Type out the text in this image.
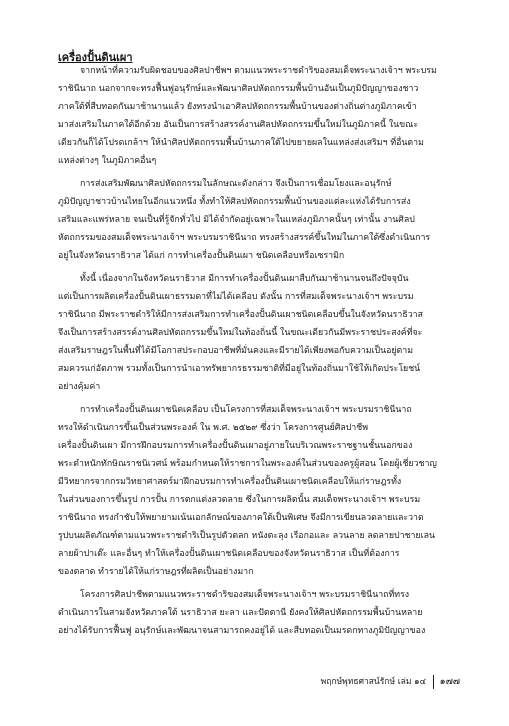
เครื่องปั้นดินเผา

จากหน้าที่ความรับผิดชอบของศิลปาชีพฯ ตามแนวพระราชดำริของสมเด็จพระนางเจ้าฯ พระบรม
ราชินีนาถ นอกจากจะทรงฟื้นฟูอนุรักษ์และพัฒนาศิลปหัตถกรรมพื้นบ้านอันเป็นภูมิปัญญาของชาว
ภาคใต้ที่สืบทอดกันมาช้านานแล้ว ยังทรงนำเอาศิลปหัตถกรรมพื้นบ้านของต่างถิ่นต่างภูมิภาคเข้า
มาส่งเสริมในภาคใต้อีกด้วย อันเป็นการสร้างสรรค์งานศิลปหัตถกรรมขึ้นใหม่ในภูมิภาคนี้ ในขณะ
เดียวกันก็ได้โปรดเกล้าฯ ให้นำศิลปหัตถกรรมพื้นบ้านภาคใต้ไปขยายผลในแหล่งส่งเสริมฯ ที่อื่นตาม
แหล่งต่างๆ ในภูมิภาคอื่นๆ

การส่งเสริมพัฒนาศิลปหัตถกรรมในลักษณะดังกล่าว จึงเป็นการเชื่อมโยงและอนุรักษ์
ภูมิปัญญาชาวบ้านไทยในอีกแนวหนึ่ง ทั้งทำให้ศิลปหัตถกรรมพื้นบ้านของแต่ละแห่งได้รับการส่ง
เสริมและแพร่หลาย จนเป็นที่รู้จักทั่วไป มิได้จำกัดอยู่เฉพาะในแหล่งภูมิภาคนั้นๆ เท่านั้น งานศิลป
หัตถกรรมของสมเด็จพระนางเจ้าฯ พระบรมราชินีนาถ ทรงสร้างสรรค์ขึ้นใหม่ในภาคใต้ซึ่งดำเนินการ
อยู่ในจังหวัดนราธิวาส ได้แก่ การทำเครื่องปั้นดินเผา ชนิดเคลือบหรือเซรามิก

ทั้งนี้ เนื่องจากในจังหวัดนราธิวาส มีการทำเครื่องปั้นดินเผาสืบกันมาช้านานจนถึงปัจจุบัน
แต่เป็นการผลิตเครื่องปั้นดินเผาธรรมดาที่ไม่ได้เคลือบ ดังนั้น การที่สมเด็จพระนางเจ้าฯ พระบรม
ราชินีนาถ มีพระราชดำริให้มีการส่งเสริมการทำเครื่องปั้นดินเผาชนิดเคลือบขึ้นในจังหวัดนราธิวาส
จึงเป็นการสร้างสรรค์งานศิลปหัตถกรรมขึ้นใหม่ในท้องถิ่นนี้ ในขณะเดียวกันมีพระราชประสงค์ที่จะ
ส่งเสริมราษฎรในพื้นที่ได้มีโอกาสประกอบอาชีพที่มั่นคงและมีรายได้เพียงพอกับความเป็นอยู่ตาม
สมควรแก่อัตภาพ รวมทั้งเป็นการนำเอาทรัพยากรธรรมชาติที่มีอยู่ในท้องถิ่นมาใช้ให้เกิดประโยชน์
อย่างคุ้มค่า

การทำเครื่องปั้นดินเผาชนิดเคลือบ เป็นโครงการที่สมเด็จพระนางเจ้าฯ พระบรมราชินีนาถ
ทรงให้ดำเนินการขึ้นเป็นส่วนพระองค์ ใน พ.ศ. ๒๕๒๙ ซึ่งว่า โครงการศูนย์ศิลปาชีพ
เครื่องปั้นดินเผา มีการฝึกอบรมการทำเครื่องปั้นดินเผาอยู่ภายในบริเวณพระราชฐานชั้นนอกของ
พระตำหนักทักษิณราชนิเวศน์ พร้อมกำหนดให้ราชการในพระองค์ในส่วนของครูผู้สอน โดยผู้เชี่ยวชาญ
มีวิทยากรจากกรมวิทยาศาสตร์มาฝึกอบรมการทำเครื่องปั้นดินเผาชนิดเคลือบให้แก่ราษฎรทั้ง
ในส่วนของการขึ้นรูป การปั้น การตกแต่งลวดลาย ซึ่งในการผลิตนั้น สมเด็จพระนางเจ้าฯ พระบรม
ราชินีนาถ ทรงกำชับให้พยายามเน้นเอกลักษณ์ของภาคใต้เป็นพิเศษ จึงมีการเขียนลวดลายและวาด
รูปบนผลิตภัณฑ์ตามแนวพระราชดำริเป็นรูปตัวตลก หนังตะลุง เรือกอและ ลวนลาย ลดลายปาชายเลน
ลายผ้าปาเต๊ะ และอื่นๆ ทำให้เครื่องปั้นดินเผาชนิดเคลือบของจังหวัดนราธิวาส เป็นที่ต้องการ
ของตลาด ทำรายได้ให้แก่ราษฎรที่ผลิตเป็นอย่างมาก

โครงการศิลปาชีพตามแนวพระราชดำริของสมเด็จพระนางเจ้าฯ พระบรมราชินีนาถที่ทรง
ดำเนินการในสามจังหวัดภาคใต้ นราธิวาส ยะลา และปัตตานี ยังคงให้ศิลปหัตถกรรมพื้นบ้านหลาย
อย่างได้รับการฟื้นฟู อนุรักษ์และพัฒนาจนสามารถคงอยู่ได้ และสืบทอดเป็นมรดกทางภูมิปัญญาของ

พฤกษ์พุทธศาสน์รักษ์ เล่ม ๑๔ ๑๗๗
